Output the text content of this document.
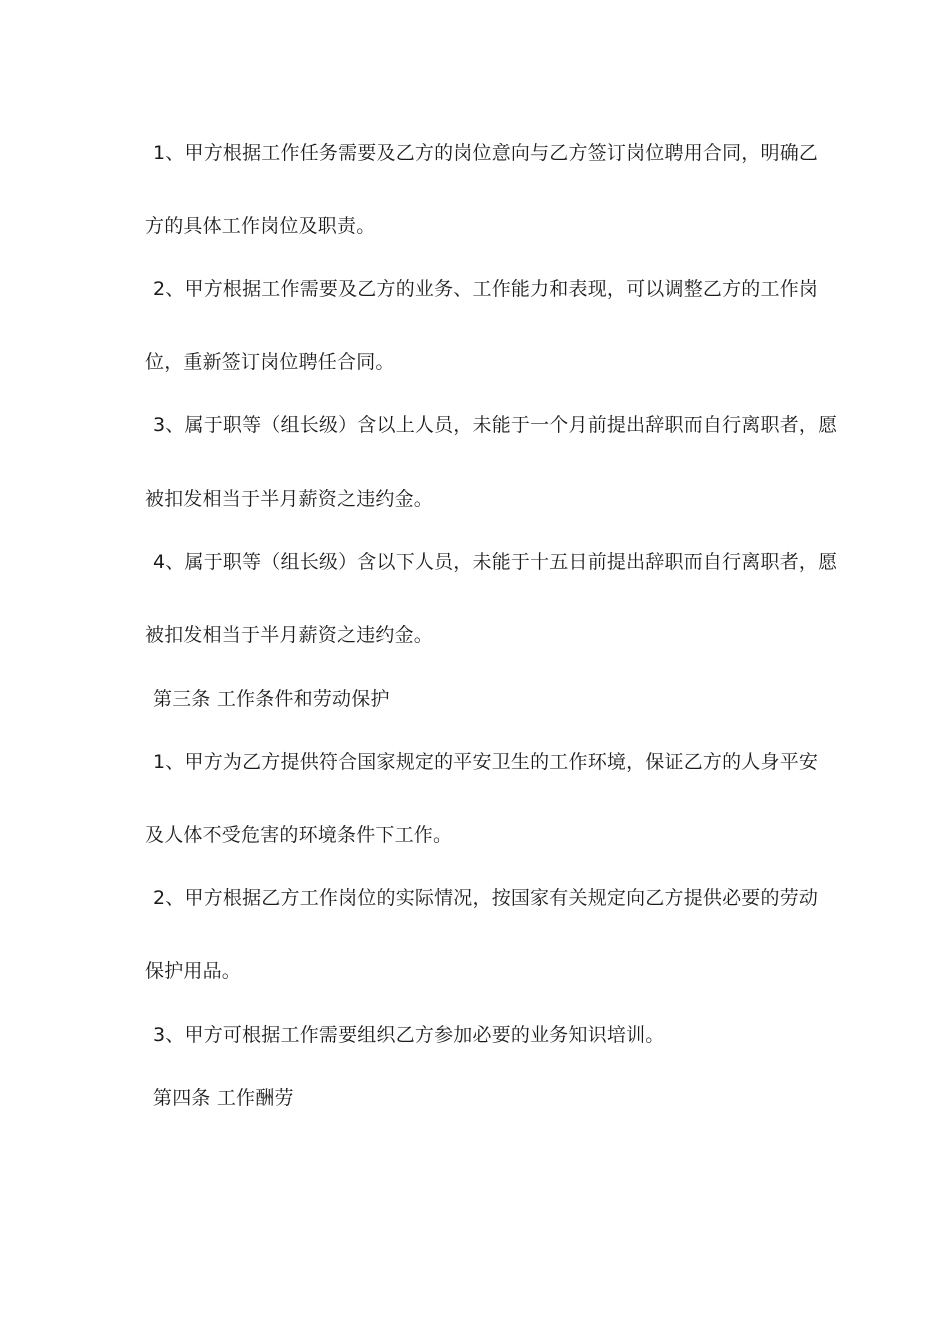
1、甲方根据工作任务需要及乙方的岗位意向与乙方签订岗位聘用合同，明确乙
方的具体工作岗位及职责。
2、甲方根据工作需要及乙方的业务、工作能力和表现，可以调整乙方的工作岗
位，重新签订岗位聘任合同。
3、属于职等（组长级）含以上人员，未能于一个月前提出辞职而自行离职者，愿
被扣发相当于半月薪资之违约金。
4、属于职等（组长级）含以下人员，未能于十五日前提出辞职而自行离职者，愿
被扣发相当于半月薪资之违约金。
第三条 工作条件和劳动保护
1、甲方为乙方提供符合国家规定的平安卫生的工作环境，保证乙方的人身平安
及人体不受危害的环境条件下工作。
2、甲方根据乙方工作岗位的实际情况，按国家有关规定向乙方提供必要的劳动
保护用品。
3、甲方可根据工作需要组织乙方参加必要的业务知识培训。
第四条 工作酬劳
